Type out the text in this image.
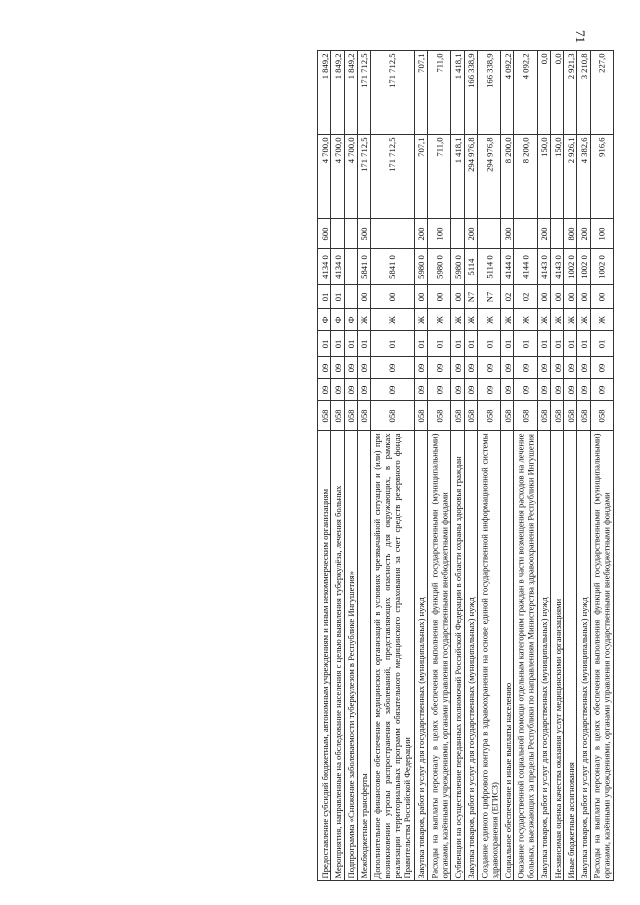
71
227,0	916,6	100	1002 0	00	Ж	01	09	09	058	Расходы на выплаты персоналу в целях обеспечения выполнения функций государственными (муниципальными) органами, казёнными учреждениями, органами управления государственными внебюджетными фондами
3 210,8	4 382,6	200	1002 0	00	Ж	01	09	09	058	Закупка товаров, работ и услуг для государственных (муниципальных) нужд
2 921,3	2 926,1	800	1002 0	00	Ж	01	09	09	058	Иные бюджетные ассигнования
0,0	150,0		4143 0	00	Ж	01	09	09	058	Независимая оценка качества оказания услуг медицинскими организациями
0,0	150,0	200	4143 0	00	Ж	01	09	09	058	Закупка товаров, работ и услуг для государственных (муниципальных) нужд
4 092,2	8 200,0		4144 0	02	Ж	01	09	09	058	Оказание государственной социальной помощи отдельным категориям граждан в части возмещения расходов на лечение больных, выезжающих за пределы Республики по направлениям Министерства здравоохранения Республики Ингушетия
4 092,2	8 200,0	300	4144 0	02	Ж	01	09	09	058	Социальное обеспечение и иные выплаты населению
166 338,9	294 976,8		5114 0	N7	Ж	01	09	09	058	Создание единого цифрового контура в здравоохранении на основе единой государственной информационной системы здравоохранения (ЕГИСЗ)
166 338,9	294 976,8	200	5114	N7	Ж	01	09	09	058	Закупка товаров, работ и услуг для государственных (муниципальных) нужд
1 418,1	1 418,1		5980 0	00	Ж	01	09	09	058	Субвенции на осуществление переданных полномочий Российской Федерации в области охраны здоровья граждан
711,0	711,0	100	5980 0	00	Ж	01	09	09	058	Расходы на выплаты персоналу в целях обеспечения выполнения функций государственными (муниципальными) органами, казёнными учреждениями, органами управления государственными внебюджетными фондами
707,1	707,1	200	5980 0	00	Ж	01	09	09	058	Закупка товаров, работ и услуг для государственных (муниципальных) нужд
171 712,5	171 712,5		5841 0	00	Ж	01	09	09	058	Дополнительное финансовое обеспечение медицинских организаций в условиях чрезвычайной ситуации и (или) при возникновении угрозы распространения заболеваний, представляющих опасность для окружающих, в рамках реализации территориальных программ обязательного медицинского страхования за счет средств резервного фонда Правительства Российской Федерации
171 712,5	171 712,5	500	5841 0	00	Ж	01	09	09	058	Межбюджетные трансферты
1 849,2	4 700,0				Ф	01	09	09	058	Подпрограмма «Снижение заболеваемости туберкулезом в Республике Ингушетия»
1 849,2	4 700,0		4134 0	01	Ф	01	09	09	058	Мероприятия, направленные на обследование населения с целью выявления туберкулёза, лечения больных
1 849,2	4 700,0	600	4134 0	01	Ф	01	09	09	058	Предоставление субсидий бюджетным, автономным учреждениям и иным некоммерческим организациям
